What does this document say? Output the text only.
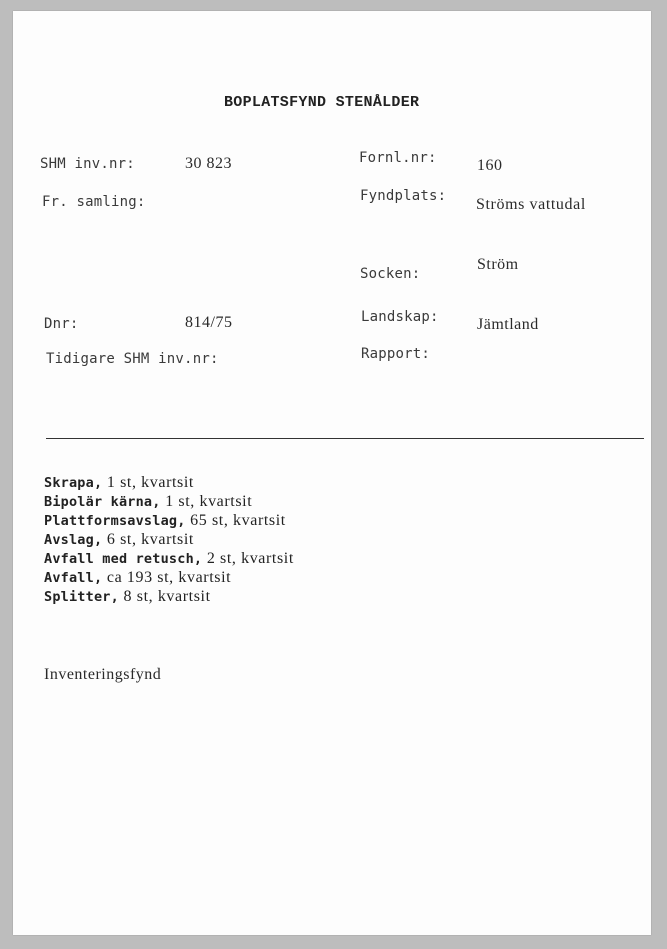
BOPLATSFYND STENÅLDER
SHM inv.nr:	30 823
Fr. samling:
Dnr:	814/75
Tidigare SHM inv.nr:
Fornl.nr:	160
Fyndplats: Ströms vattudal
Socken:
Ström
Landskap: Jämtland
Rapport:
Skrapa, 1 st, kvartsit
Bipolär kärna, 1 st, kvartsit
Plattformsavslag, 65 st, kvartsit
Avslag, 6 st, kvartsit
Avfall med retusch, 2 st, kvartsit
Avfall, ca 193 st, kvartsit
Splitter, 8 st, kvartsit
Inventeringsfynd
